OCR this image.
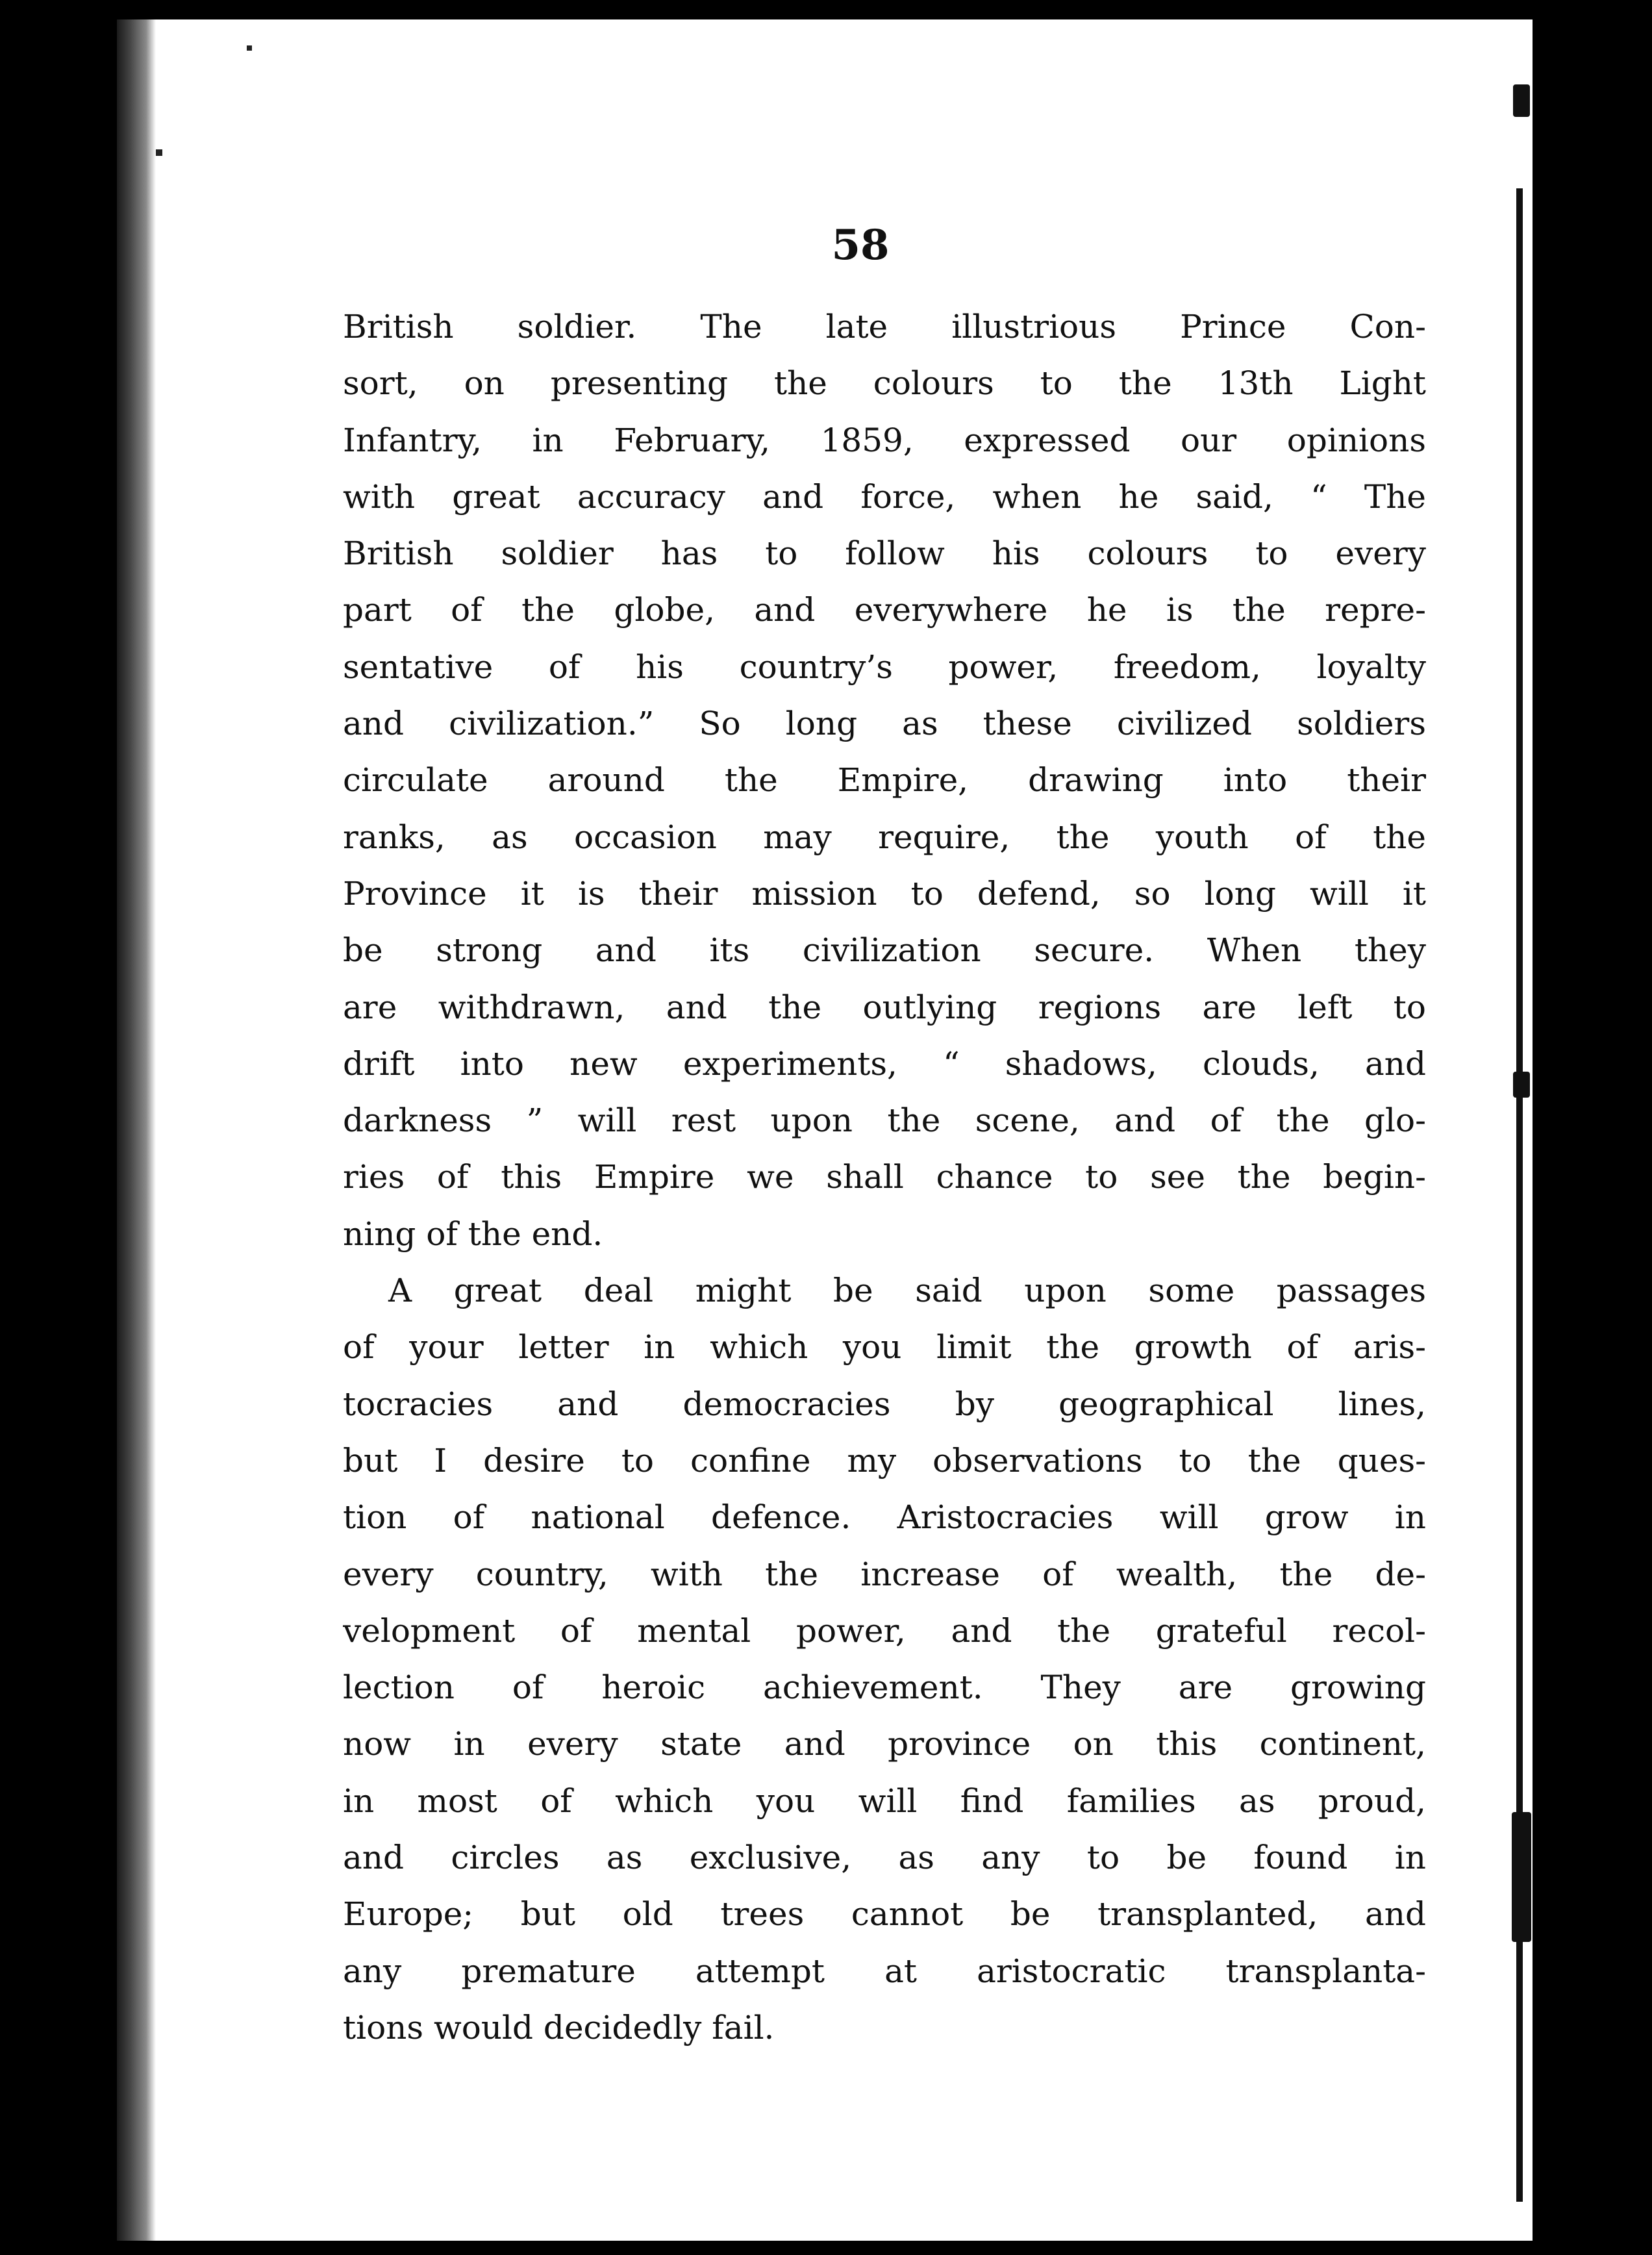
58
British soldier. The late illustrious Prince Con-
sort, on presenting the colours to the 13th Light
Infantry, in February, 1859, expressed our opinions
with great accuracy and force, when he said, “ The
British soldier has to follow his colours to every
part of the globe, and everywhere he is the repre-
sentative of his country’s power, freedom, loyalty
and civilization.” So long as these civilized soldiers
circulate around the Empire, drawing into their
ranks, as occasion may require, the youth of the
Province it is their mission to defend, so long will it
be strong and its civilization secure. When they
are withdrawn, and the outlying regions are left to
drift into new experiments, “ shadows, clouds, and
darkness ” will rest upon the scene, and of the glo-
ries of this Empire we shall chance to see the begin-
ning of the end.
A great deal might be said upon some passages
of your letter in which you limit the growth of aris-
tocracies and democracies by geographical lines,
but I desire to confine my observations to the ques-
tion of national defence. Aristocracies will grow in
every country, with the increase of wealth, the de-
velopment of mental power, and the grateful recol-
lection of heroic achievement. They are growing
now in every state and province on this continent,
in most of which you will find families as proud,
and circles as exclusive, as any to be found in
Europe; but old trees cannot be transplanted, and
any premature attempt at aristocratic transplanta-
tions would decidedly fail.
